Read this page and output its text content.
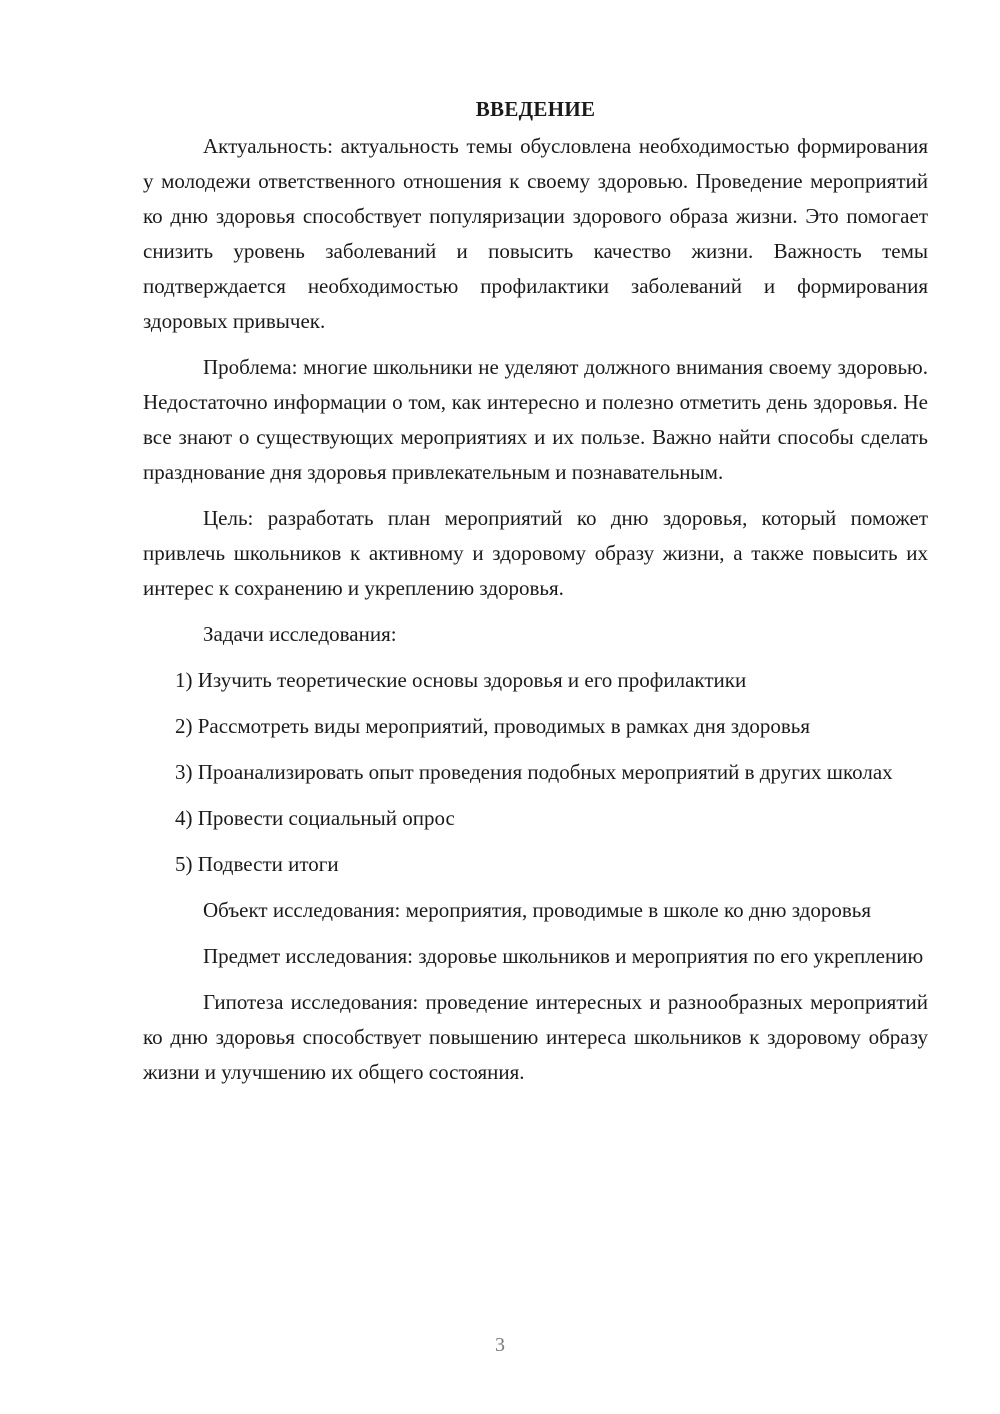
ВВЕДЕНИЕ

Актуальность: актуальность темы обусловлена необходимостью формирования у молодежи ответственного отношения к своему здоровью. Проведение мероприятий ко дню здоровья способствует популяризации здорового образа жизни. Это помогает снизить уровень заболеваний и повысить качество жизни. Важность темы подтверждается необходимостью профилактики заболеваний и формирования здоровых привычек.

Проблема: многие школьники не уделяют должного внимания своему здоровью. Недостаточно информации о том, как интересно и полезно отметить день здоровья. Не все знают о существующих мероприятиях и их пользе. Важно найти способы сделать празднование дня здоровья привлекательным и познавательным.

Цель: разработать план мероприятий ко дню здоровья, который поможет привлечь школьников к активному и здоровому образу жизни, а также повысить их интерес к сохранению и укреплению здоровья.

Задачи исследования:

1) Изучить теоретические основы здоровья и его профилактики

2) Рассмотреть виды мероприятий, проводимых в рамках дня здоровья

3) Проанализировать опыт проведения подобных мероприятий в других школах

4) Провести социальный опрос

5) Подвести итоги

Объект исследования: мероприятия, проводимые в школе ко дню здоровья

Предмет исследования: здоровье школьников и мероприятия по его укреплению

Гипотеза исследования: проведение интересных и разнообразных мероприятий ко дню здоровья способствует повышению интереса школьников к здоровому образу жизни и улучшению их общего состояния.

3
